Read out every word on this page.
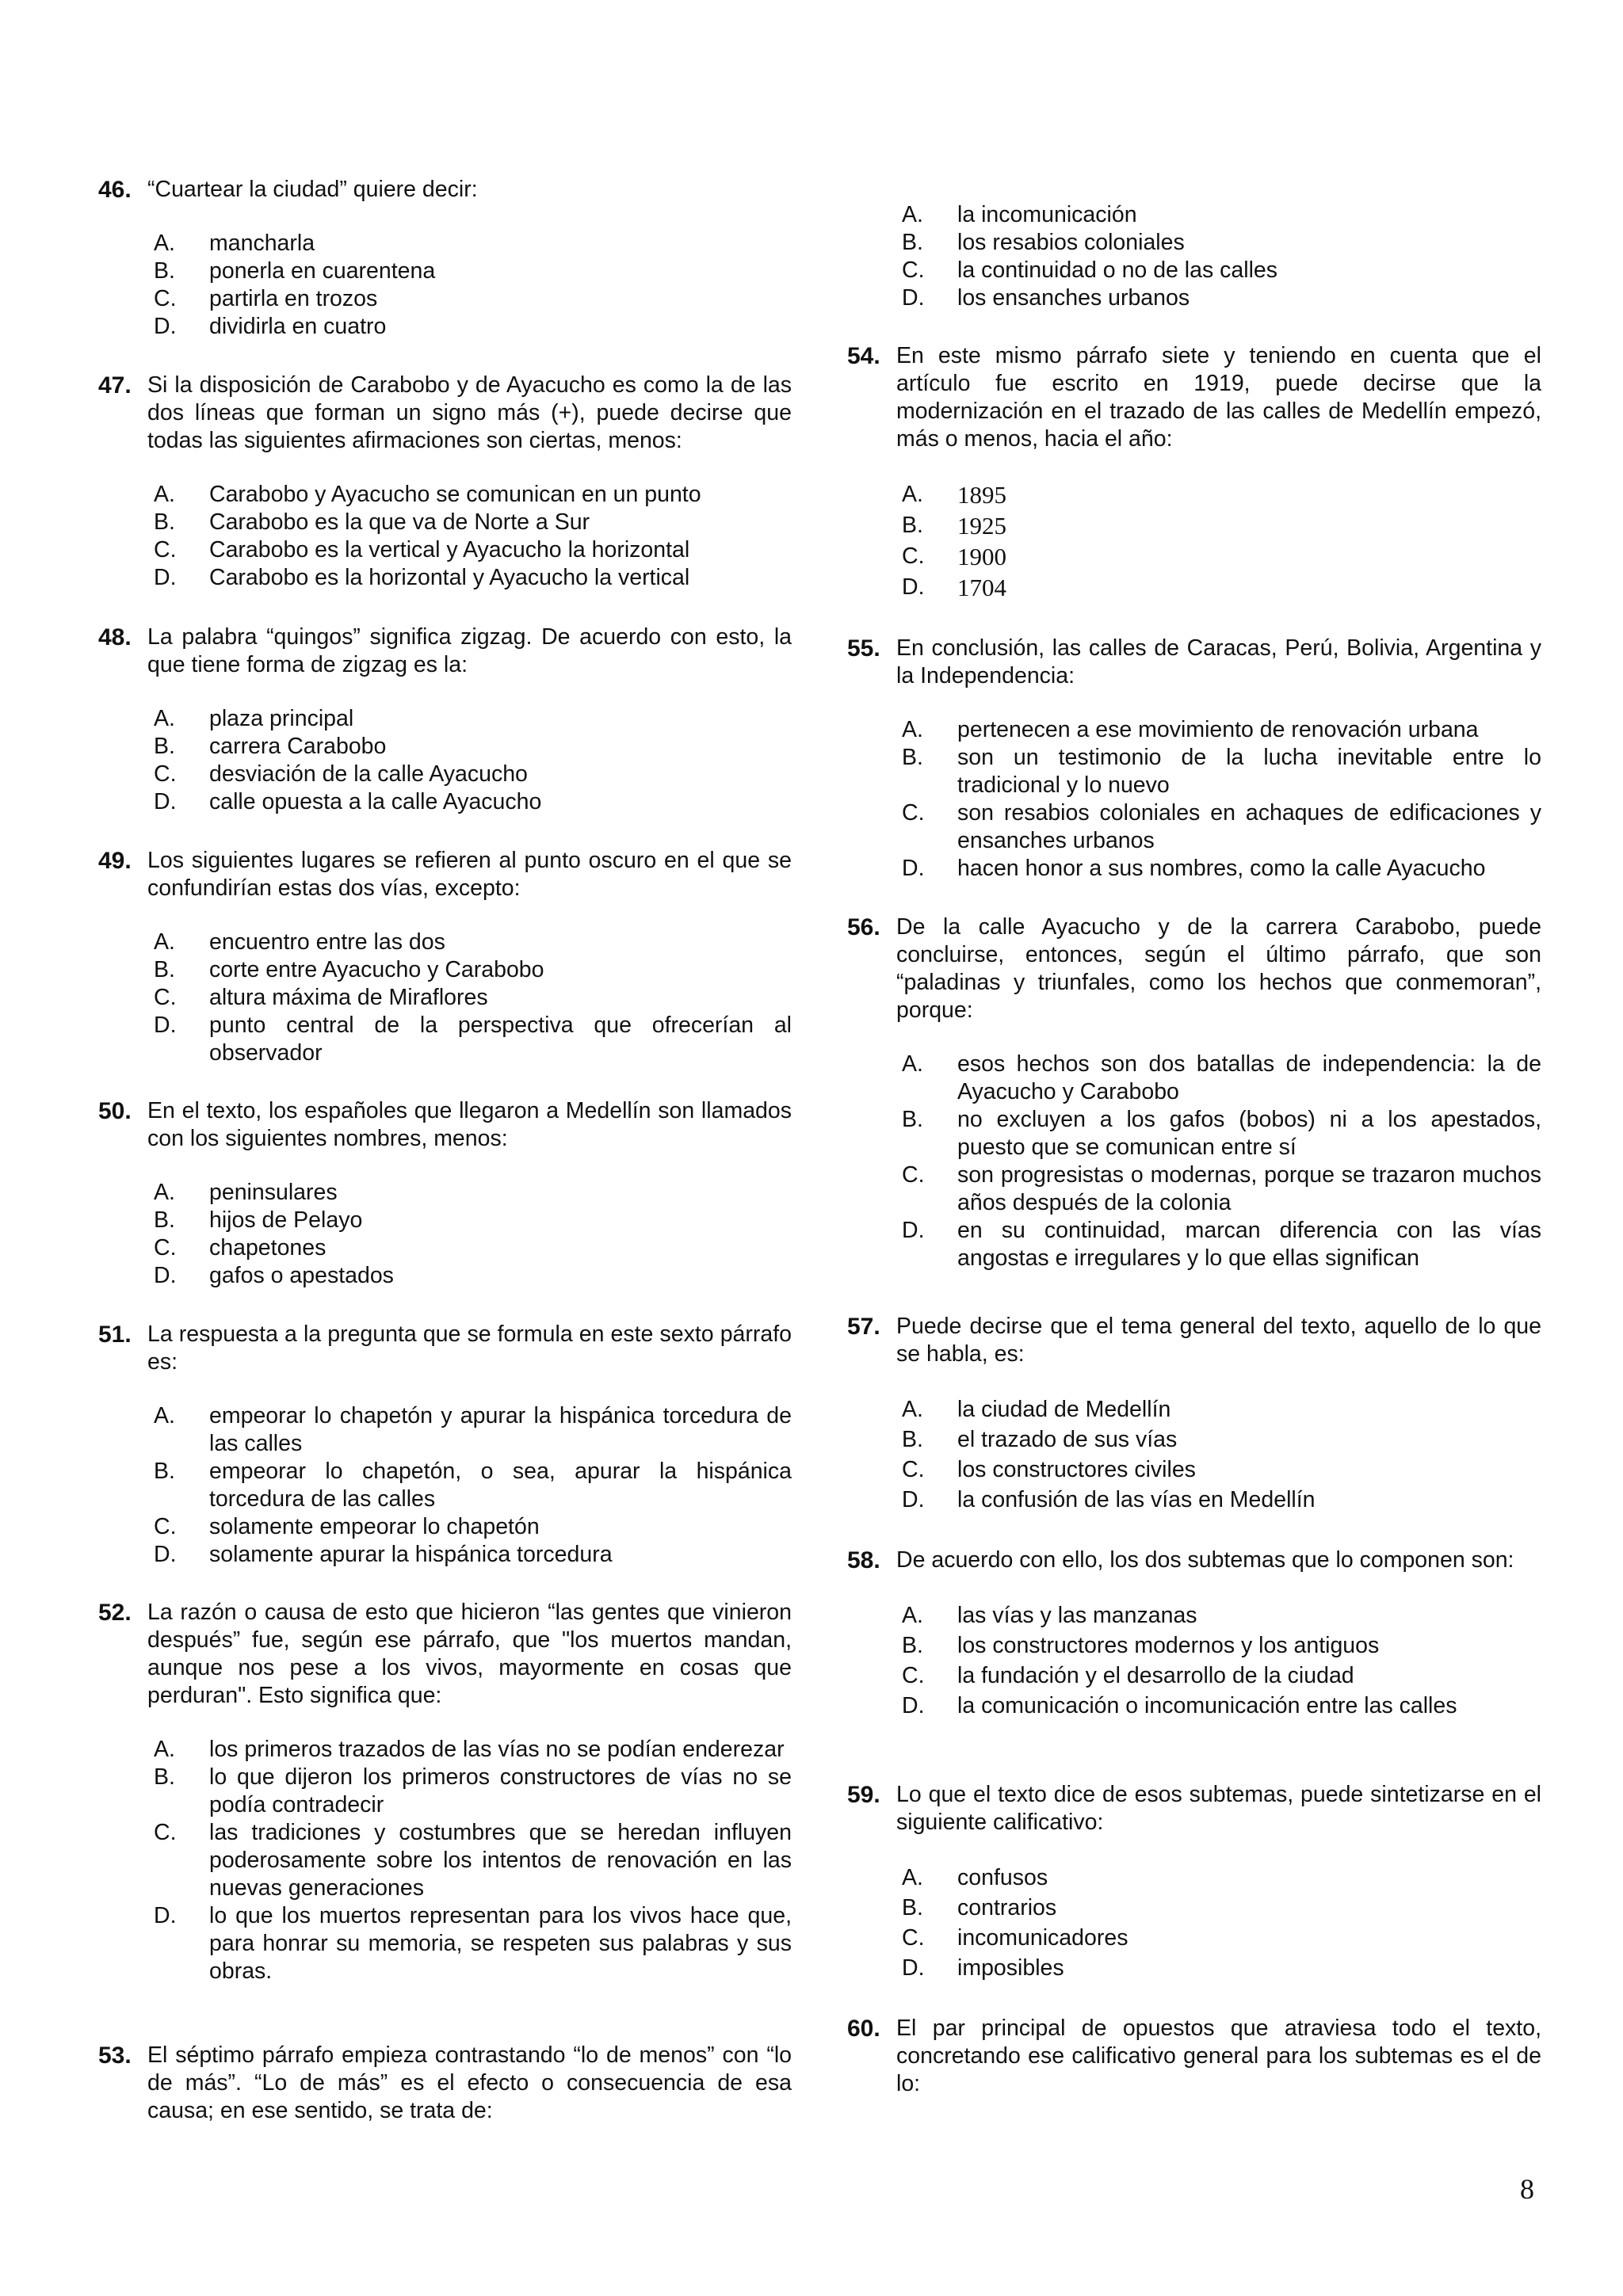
46. “Cuartear la ciudad” quiere decir:
A. mancharla
B. ponerla en cuarentena
C. partirla en trozos
D. dividirla en cuatro
47. Si la disposición de Carabobo y de Ayacucho es como la de las dos líneas que forman un signo más (+), puede decirse que todas las siguientes afirmaciones son ciertas, menos:
A. Carabobo y Ayacucho se comunican en un punto
B. Carabobo es la que va de Norte a Sur
C. Carabobo es la vertical y Ayacucho la horizontal
D. Carabobo es la horizontal y Ayacucho la vertical
48. La palabra “quingos” significa zigzag. De acuerdo con esto, la que tiene forma de zigzag es la:
A. plaza principal
B. carrera Carabobo
C. desviación de la calle Ayacucho
D. calle opuesta a la calle Ayacucho
49. Los siguientes lugares se refieren al punto oscuro en el que se confundirían estas dos vías, excepto:
A. encuentro entre las dos
B. corte entre Ayacucho y Carabobo
C. altura máxima de Miraflores
D. punto central de la perspectiva que ofrecerían al observador
50. En el texto, los españoles que llegaron a Medellín son llamados con los siguientes nombres, menos:
A. peninsulares
B. hijos de Pelayo
C. chapetones
D. gafos o apestados
51. La respuesta a la pregunta que se formula en este sexto párrafo es:
A. empeorar lo chapetón y apurar la hispánica torcedura de las calles
B. empeorar lo chapetón, o sea, apurar la hispánica torcedura de las calles
C. solamente empeorar lo chapetón
D. solamente apurar la hispánica torcedura
52. La razón o causa de esto que hicieron “las gentes que vinieron después” fue, según ese párrafo, que "los muertos mandan, aunque nos pese a los vivos, mayormente en cosas que perduran". Esto significa que:
A. los primeros trazados de las vías no se podían enderezar
B. lo que dijeron los primeros constructores de vías no se podía contradecir
C. las tradiciones y costumbres que se heredan influyen poderosamente sobre los intentos de renovación en las nuevas generaciones
D. lo que los muertos representan para los vivos hace que, para honrar su memoria, se respeten sus palabras y sus obras.
53. El séptimo párrafo empieza contrastando “lo de menos” con “lo de más”. “Lo de más” es el efecto o consecuencia de esa causa; en ese sentido, se trata de:
A. la incomunicación
B. los resabios coloniales
C. la continuidad o no de las calles
D. los ensanches urbanos
54. En este mismo párrafo siete y teniendo en cuenta que el artículo fue escrito en 1919, puede decirse que la modernización en el trazado de las calles de Medellín empezó, más o menos, hacia el año:
A. 1895
B. 1925
C. 1900
D. 1704
55. En conclusión, las calles de Caracas, Perú, Bolivia, Argentina y la Independencia:
A. pertenecen a ese movimiento de renovación urbana
B. son un testimonio de la lucha inevitable entre lo tradicional y lo nuevo
C. son resabios coloniales en achaques de edificaciones y ensanches urbanos
D. hacen honor a sus nombres, como la calle Ayacucho
56. De la calle Ayacucho y de la carrera Carabobo, puede concluirse, entonces, según el último párrafo, que son “paladinas y triunfales, como los hechos que conmemoran”, porque:
A. esos hechos son dos batallas de independencia: la de Ayacucho y Carabobo
B. no excluyen a los gafos (bobos) ni a los apestados, puesto que se comunican entre sí
C. son progresistas o modernas, porque se trazaron muchos años después de la colonia
D. en su continuidad, marcan diferencia con las vías angostas e irregulares y lo que ellas significan
57. Puede decirse que el tema general del texto, aquello de lo que se habla, es:
A. la ciudad de Medellín
B. el trazado de sus vías
C. los constructores civiles
D. la confusión de las vías en Medellín
58. De acuerdo con ello, los dos subtemas que lo componen son:
A. las vías y las manzanas
B. los constructores modernos y los antiguos
C. la fundación y el desarrollo de la ciudad
D. la comunicación o incomunicación entre las calles
59. Lo que el texto dice de esos subtemas, puede sintetizarse en el siguiente calificativo:
A. confusos
B. contrarios
C. incomunicadores
D. imposibles
60. El par principal de opuestos que atraviesa todo el texto, concretando ese calificativo general para los subtemas es el de lo:
8
